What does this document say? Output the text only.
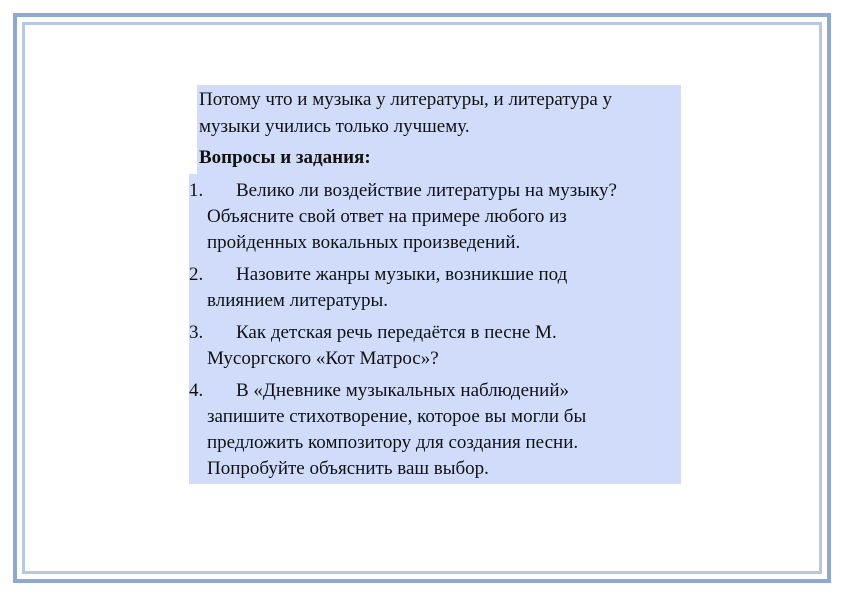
Потому что и музыка у литературы, и литература у
музыки учились только лучшему.
Вопросы и задания:
1. Велико ли воздействие литературы на музыку?
Объясните свой ответ на примере любого из
пройденных вокальных произведений.
2. Назовите жанры музыки, возникшие под
влиянием литературы.
3. Как детская речь передаётся в песне М.
Мусоргского «Кот Матрос»?
4. В «Дневнике музыкальных наблюдений»
запишите стихотворение, которое вы могли бы
предложить композитору для создания песни.
Попробуйте объяснить ваш выбор.
